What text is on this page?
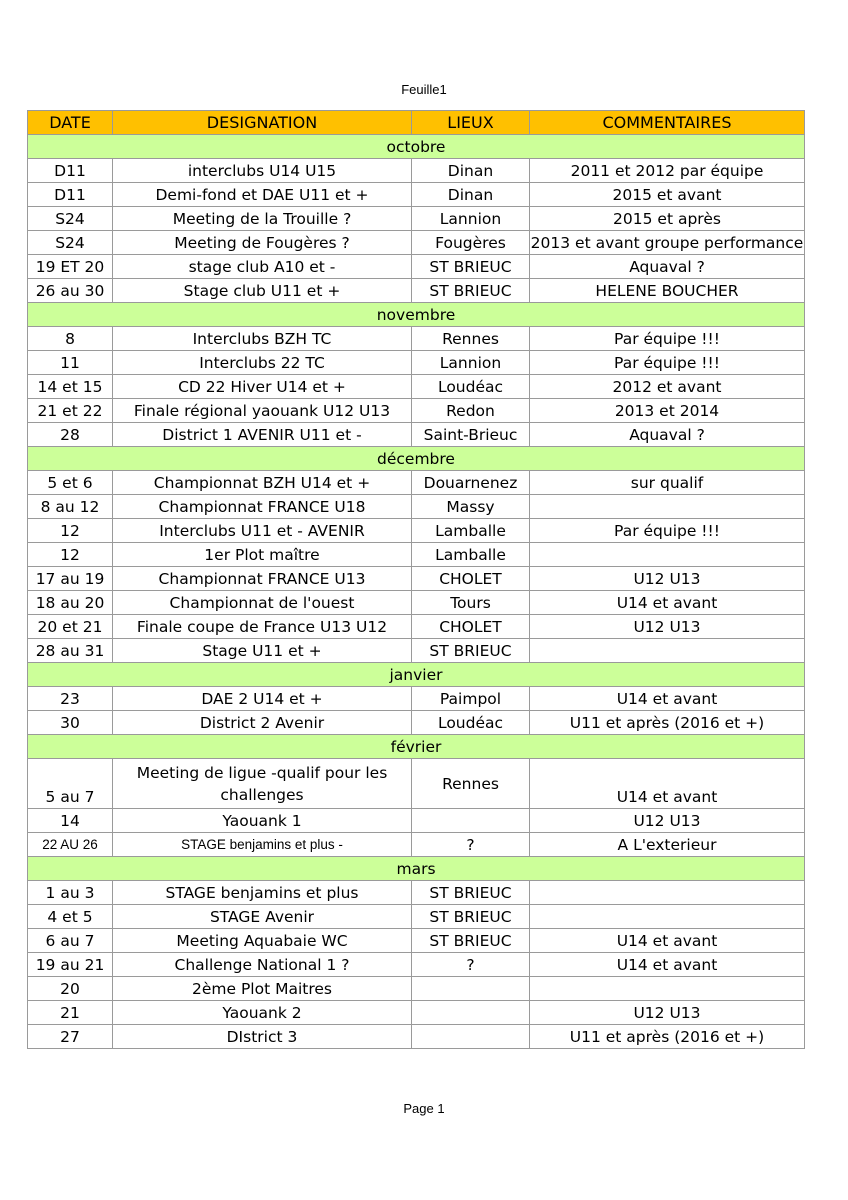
Feuille1
DATE	DESIGNATION	LIEUX	COMMENTAIRES
octobre			
D11	interclubs U14 U15	Dinan	2011 et 2012 par équipe
D11	Demi-fond et DAE U11 et +	Dinan	2015 et avant
S24	Meeting de la Trouille ?	Lannion	2015 et après
S24	Meeting de Fougères ?	Fougères	2013 et avant groupe performance
19 ET 20	stage club A10 et -	ST BRIEUC	Aquaval ?
26 au 30	Stage club U11 et +	ST BRIEUC	HELENE BOUCHER
novembre			
8	Interclubs BZH TC	Rennes	Par équipe !!!
11	Interclubs 22 TC	Lannion	Par équipe !!!
14 et 15	CD 22 Hiver U14 et +	Loudéac	2012 et avant
21 et 22	Finale régional yaouank U12 U13	Redon	2013 et 2014
28	District 1 AVENIR U11 et -	Saint-Brieuc	Aquaval ?
décembre			
5 et 6	Championnat BZH U14 et +	Douarnenez	sur qualif
8 au 12	Championnat FRANCE U18	Massy	
12	Interclubs U11 et - AVENIR	Lamballe	Par équipe !!!
12	1er Plot maître	Lamballe	
17 au 19	Championnat FRANCE U13	CHOLET	U12 U13
18 au 20	Championnat de l'ouest	Tours	U14 et avant
20 et 21	Finale coupe de France U13 U12	CHOLET	U12 U13
28 au 31	Stage U11 et +	ST BRIEUC	
janvier			
23	DAE 2 U14 et +	Paimpol	U14 et avant
30	District 2 Avenir	Loudéac	U11 et après (2016 et +)
février			
5 au 7	Meeting de ligue -qualif pour les challenges	Rennes	U14 et avant
14	Yaouank 1		U12 U13
22 AU 26	STAGE benjamins et plus -	?	A L'exterieur
mars			
1 au 3	STAGE benjamins et plus	ST BRIEUC	
4 et 5	STAGE Avenir	ST BRIEUC	
6 au 7	Meeting Aquabaie WC	ST BRIEUC	U14 et avant
19 au 21	Challenge National 1 ?	?	U14 et avant
20	2ème Plot Maitres		
21	Yaouank 2		U12 U13
27	DIstrict 3		U11 et après (2016 et +)
Page 1
